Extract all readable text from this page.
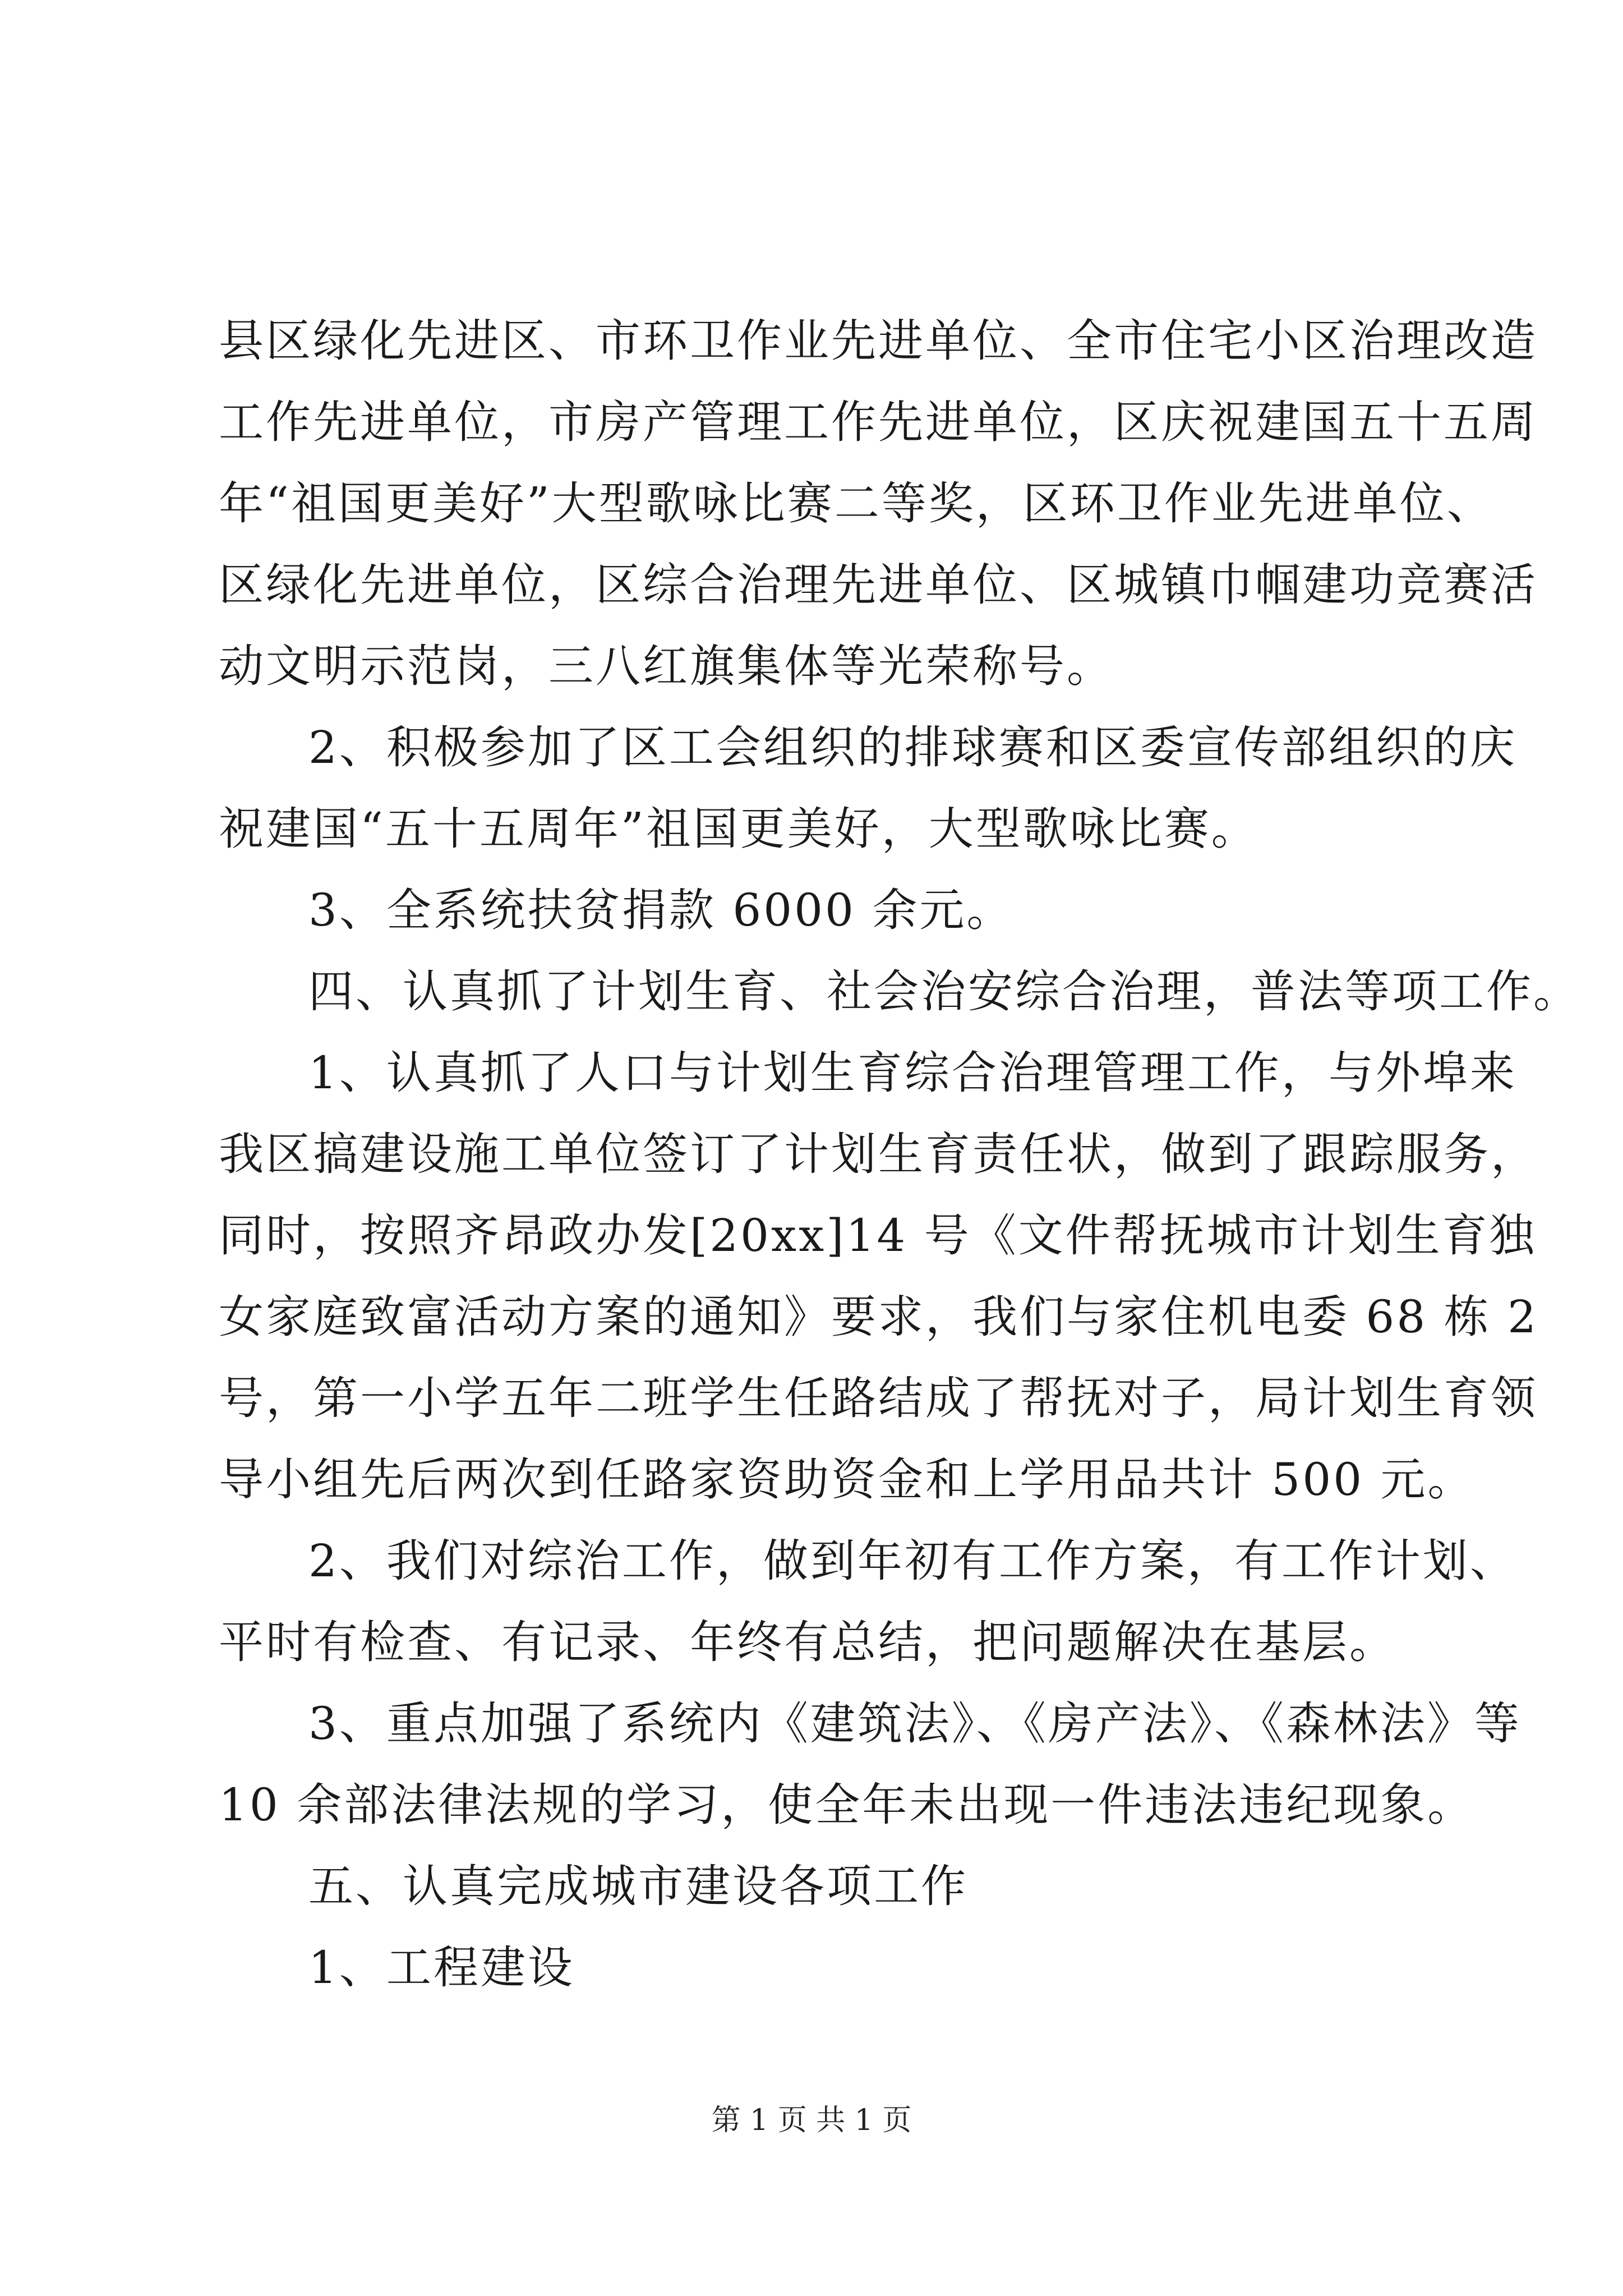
县区绿化先进区、市环卫作业先进单位、全市住宅小区治理改造
工作先进单位，市房产管理工作先进单位，区庆祝建国五十五周
年“祖国更美好”大型歌咏比赛二等奖，区环卫作业先进单位、
区绿化先进单位，区综合治理先进单位、区城镇巾帼建功竞赛活
动文明示范岗，三八红旗集体等光荣称号。
2、积极参加了区工会组织的排球赛和区委宣传部组织的庆
祝建国“五十五周年”祖国更美好，大型歌咏比赛。
3、全系统扶贫捐款 6000 余元。
四、认真抓了计划生育、社会治安综合治理，普法等项工作。
1、认真抓了人口与计划生育综合治理管理工作，与外埠来
我区搞建设施工单位签订了计划生育责任状，做到了跟踪服务，
同时，按照齐昂政办发[20xx]14 号《文件帮抚城市计划生育独
女家庭致富活动方案的通知》要求，我们与家住机电委 68 栋 2
号，第一小学五年二班学生任路结成了帮抚对子，局计划生育领
导小组先后两次到任路家资助资金和上学用品共计 500 元。
2、我们对综治工作，做到年初有工作方案，有工作计划、
平时有检查、有记录、年终有总结，把问题解决在基层。
3、重点加强了系统内《建筑法》、《房产法》、《森林法》等
10 余部法律法规的学习，使全年未出现一件违法违纪现象。
五、认真完成城市建设各项工作
1、工程建设
第 1 页 共 1 页
